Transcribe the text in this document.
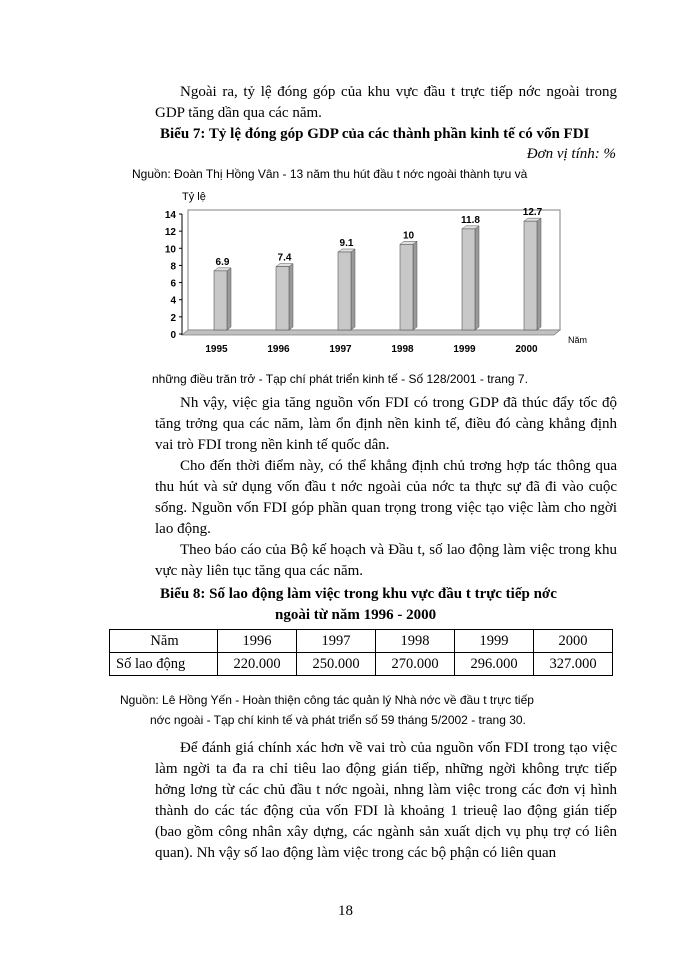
Ngoài ra, tỷ lệ đóng góp của khu vực đầu t trực tiếp nớc ngoài trong GDP tăng dần qua các năm.

Biểu 7: Tỷ lệ đóng góp GDP của các thành phần kinh tế có vốn FDI
Đơn vị tính: %
Nguồn: Đoàn Thị Hồng Vân - 13 năm thu hút đầu t nớc ngoài thành tựu và
Tỷ lệ
14
12
10
8
6
4
2
0
6.9
1995
7.4
1996
9.1
1997
10
1998
11.8
1999
12.7
2000
Năm
những điều trăn trở - Tạp chí phát triển kinh tế - Số 128/2001 - trang 7.

Nh vậy, việc gia tăng nguồn vốn FDI có trong GDP đã thúc đẩy tốc độ tăng trởng qua các năm, làm ổn định nền kinh tế, điều đó càng khẳng định vai trò FDI trong nền kinh tế quốc dân.

Cho đến thời điểm này, có thể khẳng định chủ trơng hợp tác thông qua thu hút và sử dụng vốn đầu t nớc ngoài của nớc ta thực sự đã đi vào cuộc sống. Nguồn vốn FDI góp phần quan trọng trong việc tạo việc làm cho ngời lao động.

Theo báo cáo của Bộ kế hoạch và Đầu t, số lao động làm việc trong khu vực này liên tục tăng qua các năm.

Biểu 8: Số lao động làm việc trong khu vực đầu t trực tiếp nớc
ngoài từ năm 1996 - 2000
Năm	1996	1997	1998	1999	2000
Số lao động	220.000	250.000	270.000	296.000	327.000
Nguồn: Lê Hồng Yến - Hoàn thiện công tác quản lý Nhà nớc về đầu t trực tiếp
nớc ngoài - Tạp chí kinh tế và phát triển số 59 tháng 5/2002 - trang 30.

Để đánh giá chính xác hơn về vai trò của nguồn vốn FDI trong tạo việc làm ngời ta đa ra chỉ tiêu lao động gián tiếp, những ngời không trực tiếp hởng lơng từ các chủ đầu t nớc ngoài, nhng làm việc trong các đơn vị hình thành do các tác động của vốn FDI là khoảng 1 trieuệ lao động gián tiếp (bao gồm công nhân xây dựng, các ngành sản xuất dịch vụ phụ trợ có liên quan). Nh vậy số lao động làm việc trong các bộ phận có liên quan

18
